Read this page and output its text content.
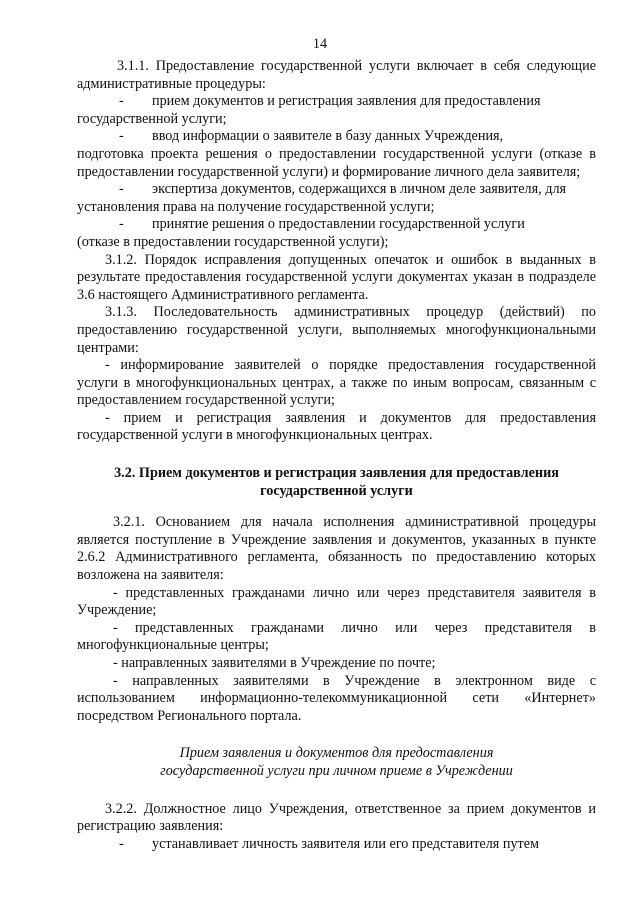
14

3.1.1. Предоставление государственной услуги включает в себя следующие административные процедуры:

-	прием документов и регистрация заявления для предоставления

государственной услуги;

-	ввод информации о заявителе в базу данных Учреждения,

подготовка проекта решения о предоставлении государственной услуги (отказе в предоставлении государственной услуги) и формирование личного дела заявителя;

-	экспертиза документов, содержащихся в личном деле заявителя, для

установления права на получение государственной услуги;

-	принятие решения о предоставлении государственной услуги

(отказе в предоставлении государственной услуги);

3.1.2. Порядок исправления допущенных опечаток и ошибок в выданных в результате предоставления государственной услуги документах указан в подразделе 3.6 настоящего Административного регламента.

3.1.3. Последовательность административных процедур (действий) по предоставлению государственной услуги, выполняемых многофункциональными центрами:

- информирование заявителей о порядке предоставления государственной услуги в многофункциональных центрах, а также по иным вопросам, связанным с предоставлением государственной услуги;

- прием и регистрация заявления и документов для предоставления государственной услуги в многофункциональных центрах.

3.2. Прием документов и регистрация заявления для предоставления

государственной услуги

3.2.1. Основанием для начала исполнения административной процедуры является поступление в Учреждение заявления и документов, указанных в пункте 2.6.2 Административного регламента, обязанность по предоставлению которых возложена на заявителя:

- представленных гражданами лично или через представителя заявителя в Учреждение;

- представленных гражданами лично или через представителя в многофункциональные центры;

- направленных заявителями в Учреждение по почте;

- направленных заявителями в Учреждение в электронном виде с использованием информационно-телекоммуникационной сети «Интернет» посредством Регионального портала.

Прием заявления и документов для предоставления

государственной услуги при личном приеме в Учреждении

3.2.2. Должностное лицо Учреждения, ответственное за прием документов и регистрацию заявления:

-	устанавливает личность заявителя или его представителя путем
